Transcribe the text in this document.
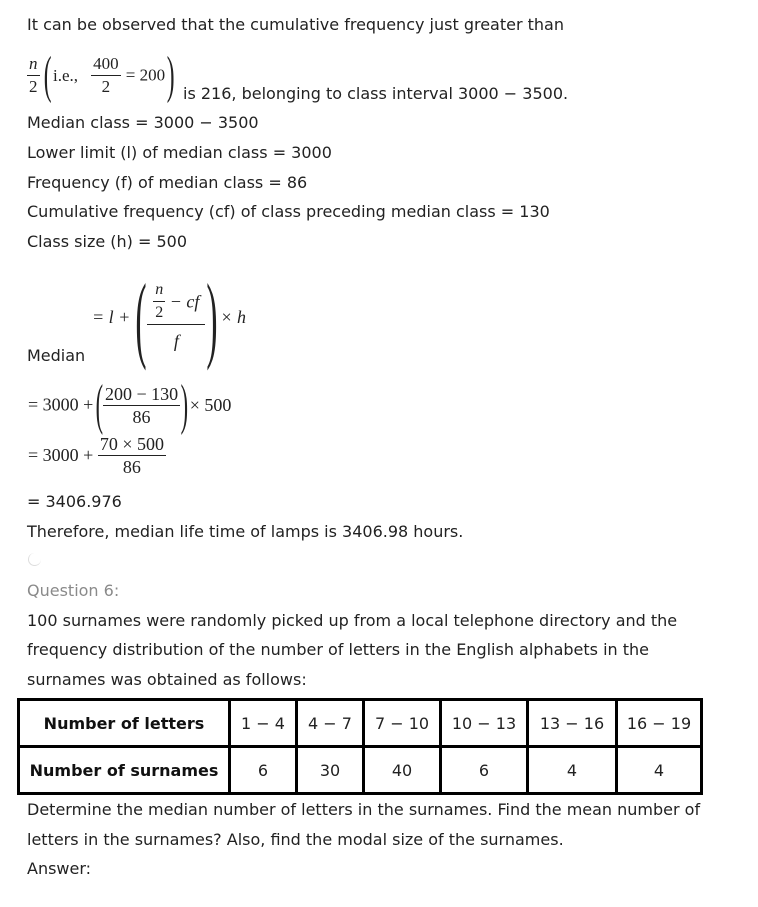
It can be observed that the cumulative frequency just greater than
$\frac{n}{2}$ ( i.e., $\frac{400}{2} = 200$ ) is 216, belonging to class interval 3000 − 3500.
Median class = 3000 − 3500
Lower limit (l) of median class = 3000
Frequency (f) of median class = 86
Cumulative frequency (cf) of class preceding median class = 130
Class size (h) = 500
= l + ( $\frac{\frac{n}{2} - cf}{f}$ ) × h
Median
= 3000 + ( $\frac{200 - 130}{86}$ ) × 500
= $3000 + \frac{70 \times 500}{86}$
= 3406.976
Therefore, median life time of lamps is 3406.98 hours.
Question 6:
100 surnames were randomly picked up from a local telephone directory and the
frequency distribution of the number of letters in the English alphabets in the
surnames was obtained as follows:
Number of letters	1 − 4	4 − 7	7 − 10	10 − 13	13 − 16	16 − 19
Number of surnames	6	30	40	6	4	4
Determine the median number of letters in the surnames. Find the mean number of
letters in the surnames? Also, find the modal size of the surnames.
Answer:
